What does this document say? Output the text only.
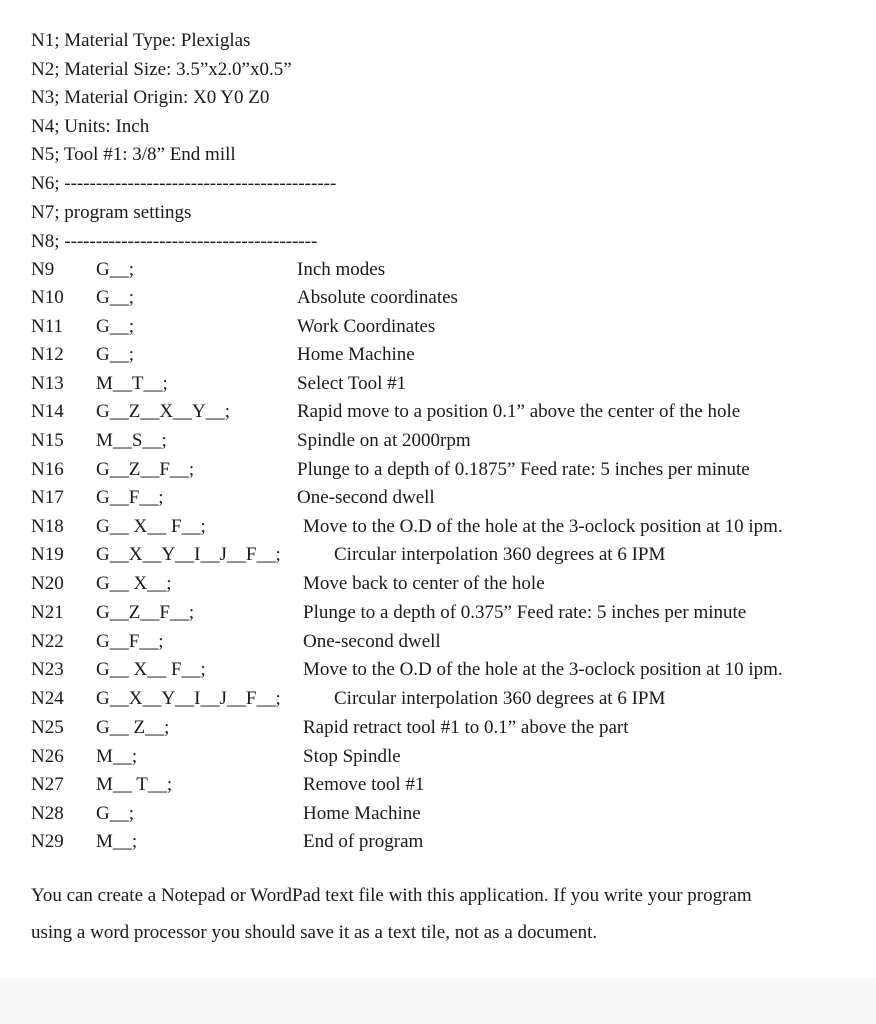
N1; Material Type: Plexiglas
N2; Material Size: 3.5”x2.0”x0.5”
N3; Material Origin: X0 Y0 Z0
N4; Units: Inch
N5; Tool #1: 3/8” End mill
N6; -------------------------------------------
N7; program settings
N8; ----------------------------------------
N9 G__;	Inch modes
N10 G__;	Absolute coordinates
N11 G__;	Work Coordinates
N12 G__;	Home Machine
N13 M__T__;	Select Tool #1
N14 G__Z__X__Y__;	Rapid move to a position 0.1” above the center of the hole
N15 M__S__;	Spindle on at 2000rpm
N16 G__Z__F__;	Plunge to a depth of 0.1875” Feed rate: 5 inches per minute
N17 G__F__;	One-second dwell
N18 G__ X__ F__;	Move to the O.D of the hole at the 3-oclock position at 10 ipm.
N19 G__X__Y__I__J__F__;	Circular interpolation 360 degrees at 6 IPM
N20 G__ X__;	Move back to center of the hole
N21 G__Z__F__;	Plunge to a depth of 0.375” Feed rate: 5 inches per minute
N22 G__F__;	One-second dwell
N23 G__ X__ F__;	Move to the O.D of the hole at the 3-oclock position at 10 ipm.
N24 G__X__Y__I__J__F__;	Circular interpolation 360 degrees at 6 IPM
N25 G__ Z__;	Rapid retract tool #1 to 0.1” above the part
N26 M__;	Stop Spindle
N27 M__ T__;	Remove tool #1
N28 G__;	Home Machine
N29 M__;	End of program
You can create a Notepad or WordPad text file with this application. If you write your program
using a word processor you should save it as a text tile, not as a document.
